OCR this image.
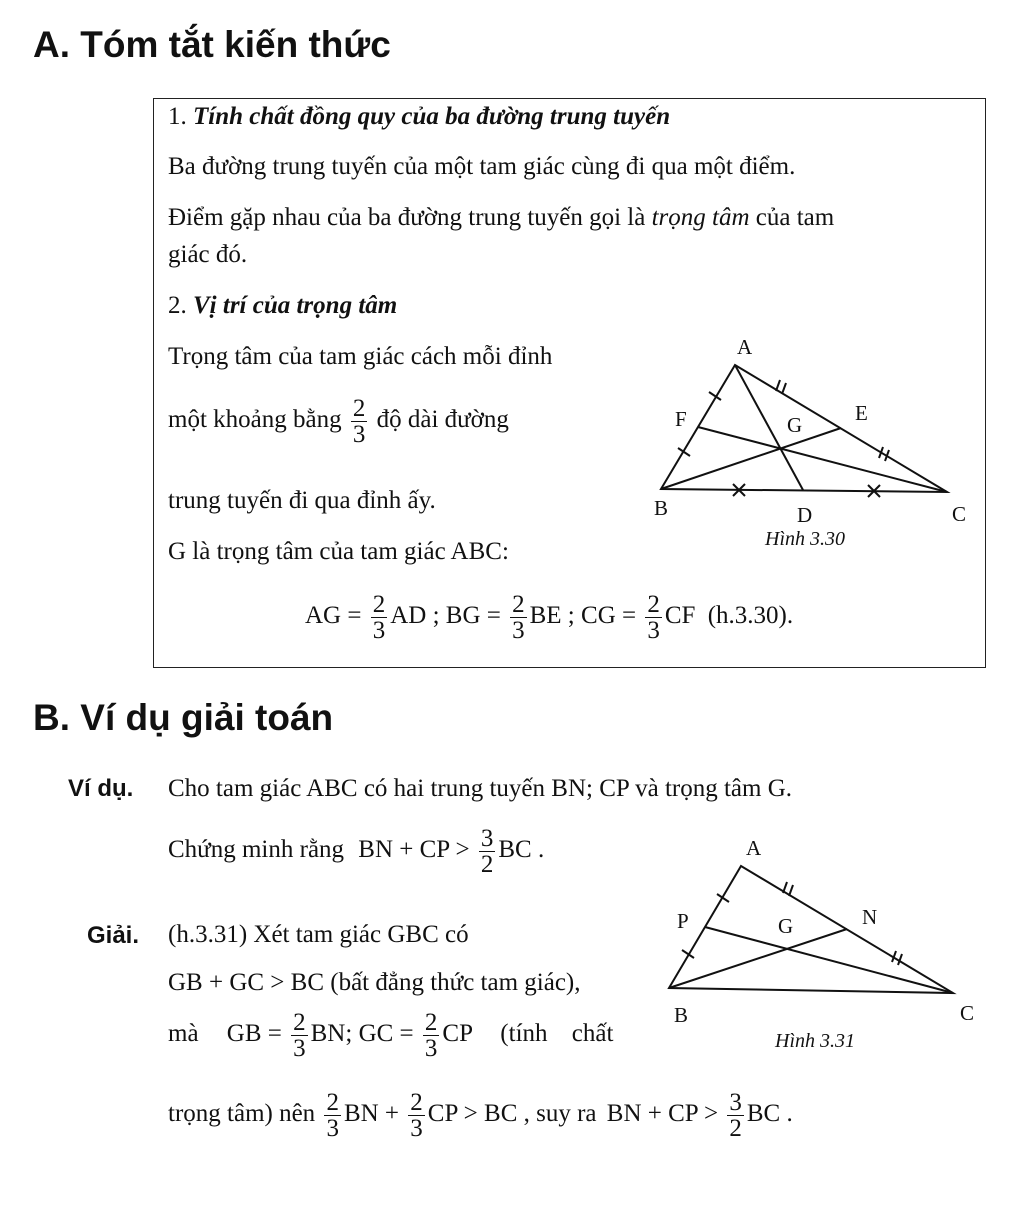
A. Tóm tắt kiến thức
1. Tính chất đồng quy của ba đường trung tuyến
Ba đường trung tuyến của một tam giác cùng đi qua một điểm.
Điểm gặp nhau của ba đường trung tuyến gọi là trọng tâm của tam
giác đó.
2. Vị trí của trọng tâm
Trọng tâm của tam giác cách mỗi đỉnh
một khoảng bằng $\frac{2}{3}$ độ dài đường
trung tuyến đi qua đỉnh ấy.
G là trọng tâm của tam giác ABC:
AG = $\frac{2}{3}$ AD ; BG = $\frac{2}{3}$ BE ; CG = $\frac{2}{3}$ CF (h.3.30).
A
F	G	E
B	D	C
Hình 3.30
B. Ví dụ giải toán
Ví dụ. Cho tam giác ABC có hai trung tuyến BN; CP và trọng tâm G.
Chứng minh rằng BN + CP > $\frac{3}{2}$ BC .
Giải. (h.3.31) Xét tam giác GBC có
GB + GC > BC (bất đẳng thức tam giác),
mà GB = $\frac{2}{3}$ BN; GC = $\frac{2}{3}$ CP (tính chất
trọng tâm) nên $\frac{2}{3}$ BN + $\frac{2}{3}$ CP > BC , suy ra BN + CP > $\frac{3}{2}$ BC .
A
P	G	N
B	C
Hình 3.31
